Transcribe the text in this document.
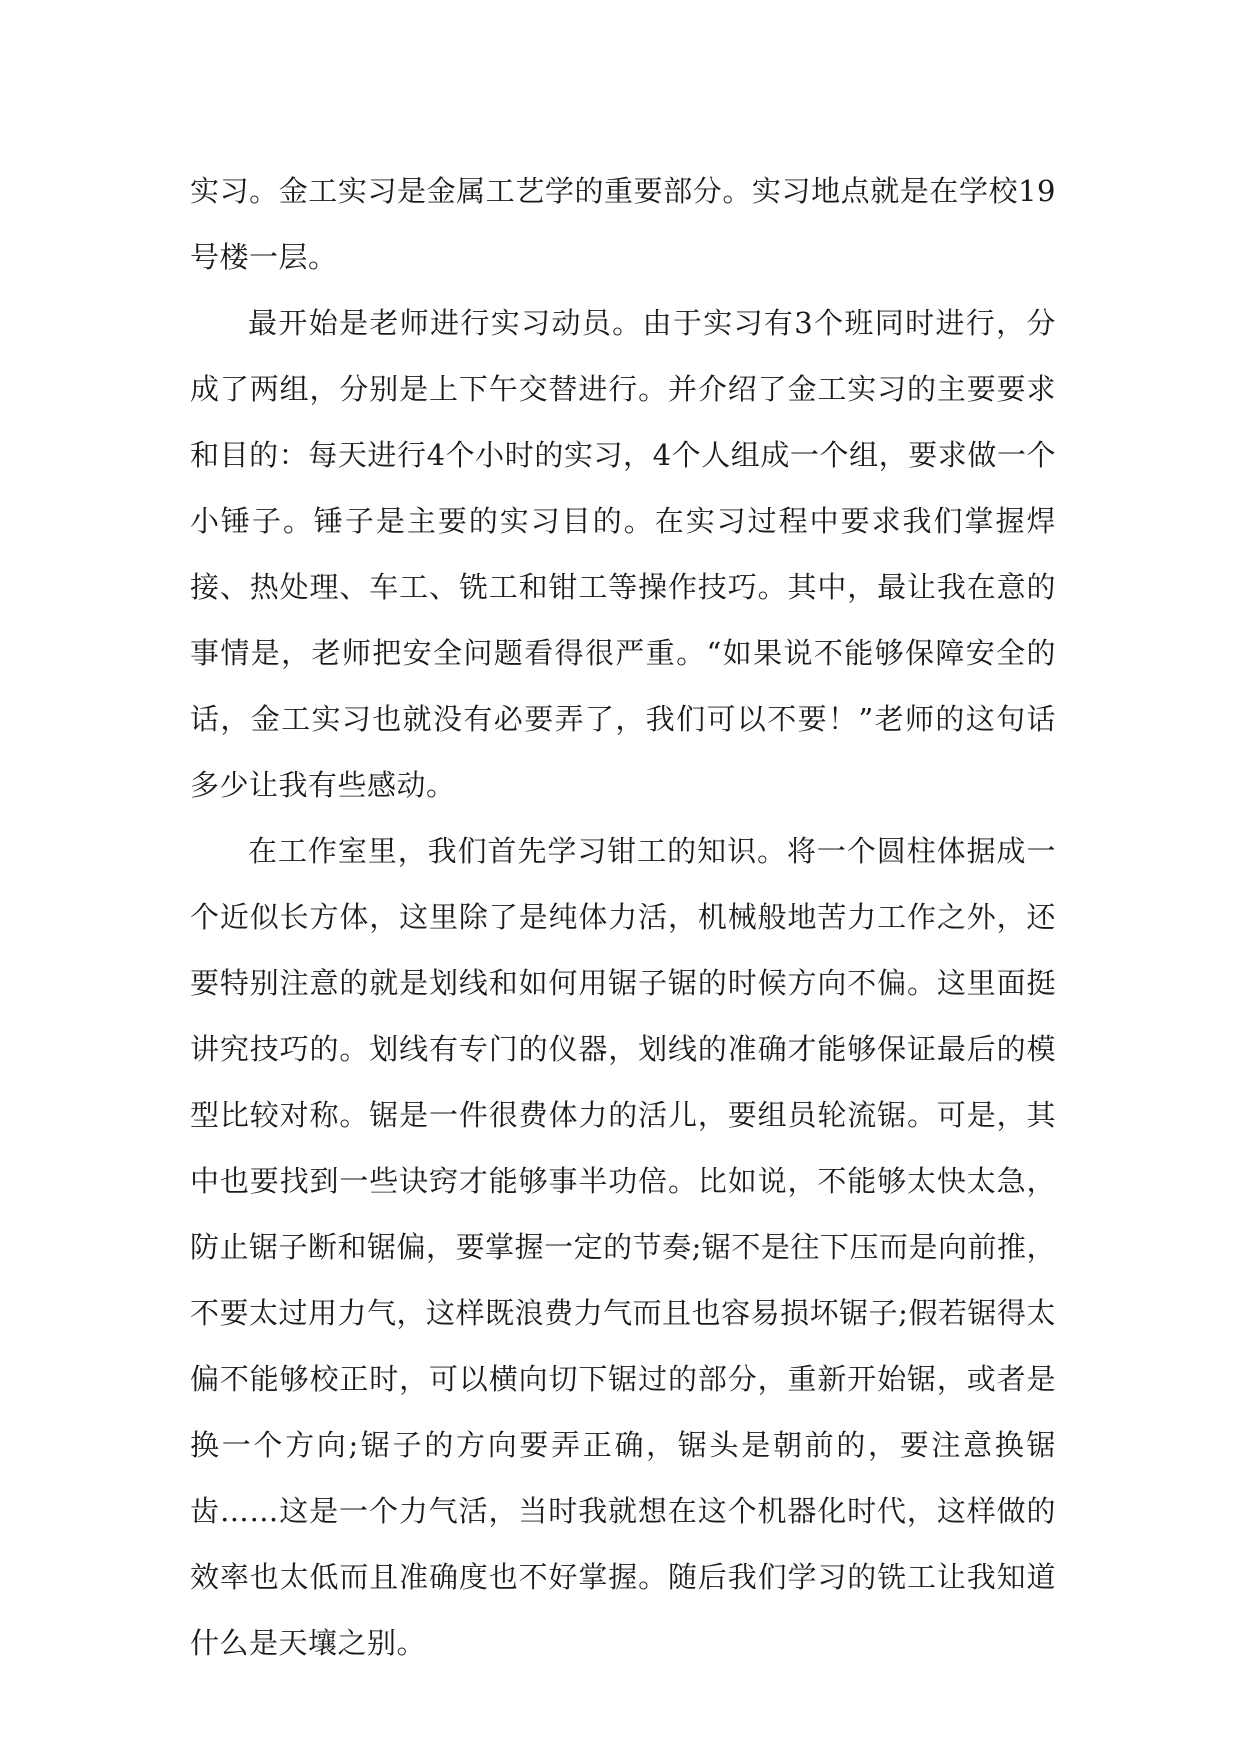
实习。金工实习是金属工艺学的重要部分。实习地点就是在学校19号楼一层。

最开始是老师进行实习动员。由于实习有3个班同时进行，分成了两组，分别是上下午交替进行。并介绍了金工实习的主要要求和目的：每天进行4个小时的实习，4个人组成一个组，要求做一个小锤子。锤子是主要的实习目的。在实习过程中要求我们掌握焊接、热处理、车工、铣工和钳工等操作技巧。其中，最让我在意的事情是，老师把安全问题看得很严重。“如果说不能够保障安全的话，金工实习也就没有必要弄了，我们可以不要！”老师的这句话多少让我有些感动。

在工作室里，我们首先学习钳工的知识。将一个圆柱体据成一个近似长方体，这里除了是纯体力活，机械般地苦力工作之外，还要特别注意的就是划线和如何用锯子锯的时候方向不偏。这里面挺讲究技巧的。划线有专门的仪器，划线的准确才能够保证最后的模型比较对称。锯是一件很费体力的活儿，要组员轮流锯。可是，其中也要找到一些诀窍才能够事半功倍。比如说，不能够太快太急，防止锯子断和锯偏，要掌握一定的节奏;锯不是往下压而是向前推，不要太过用力气，这样既浪费力气而且也容易损坏锯子;假若锯得太偏不能够校正时，可以横向切下锯过的部分，重新开始锯，或者是换一个方向;锯子的方向要弄正确，锯头是朝前的，要注意换锯齿……这是一个力气活，当时我就想在这个机器化时代，这样做的效率也太低而且准确度也不好掌握。随后我们学习的铣工让我知道什么是天壤之别。
